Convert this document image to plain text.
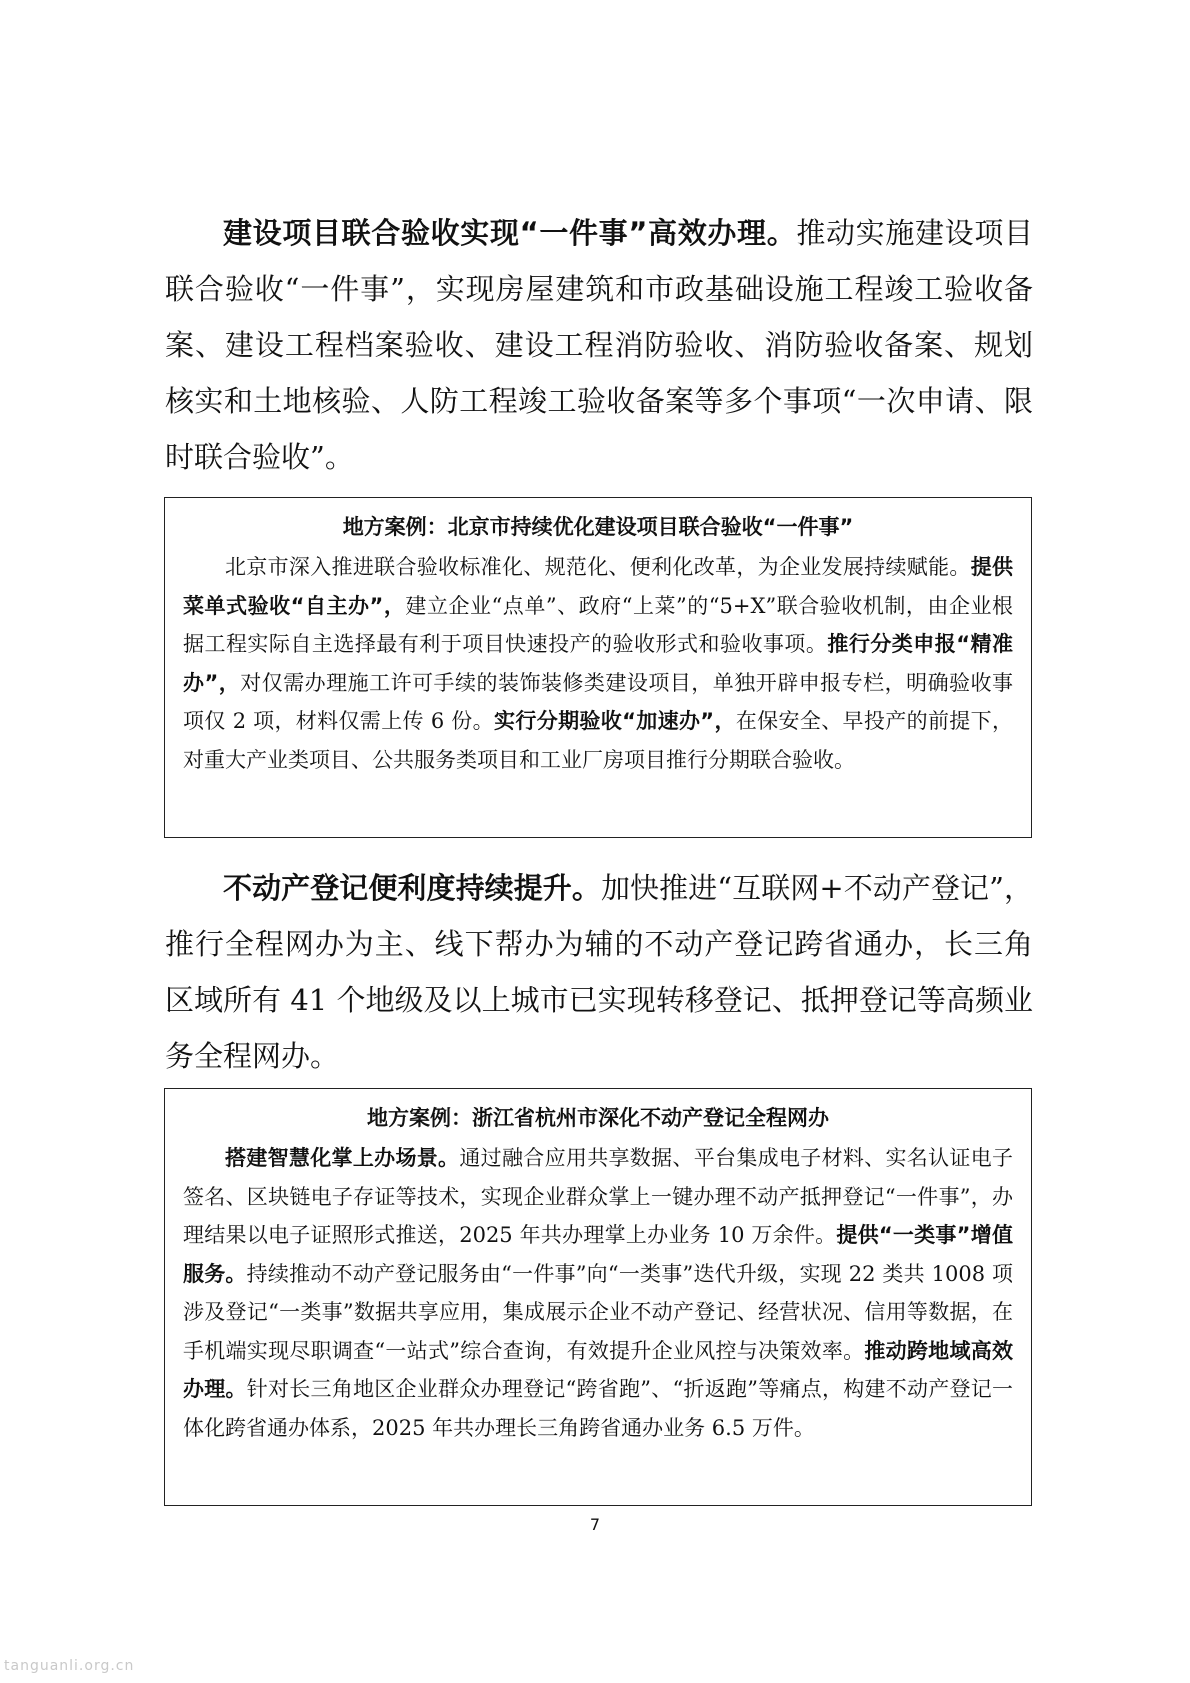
建设项目联合验收实现“一件事”高效办理。推动实施建设项目联合验收“一件事”，实现房屋建筑和市政基础设施工程竣工验收备案、建设工程档案验收、建设工程消防验收、消防验收备案、规划核实和土地核验、人防工程竣工验收备案等多个事项“一次申请、限时联合验收”。

地方案例：北京市持续优化建设项目联合验收“一件事”

北京市深入推进联合验收标准化、规范化、便利化改革，为企业发展持续赋能。提供菜单式验收“自主办”，建立企业“点单”、政府“上菜”的“5+X”联合验收机制，由企业根据工程实际自主选择最有利于项目快速投产的验收形式和验收事项。推行分类申报“精准办”，对仅需办理施工许可手续的装饰装修类建设项目，单独开辟申报专栏，明确验收事项仅 2 项，材料仅需上传 6 份。实行分期验收“加速办”，在保安全、早投产的前提下，对重大产业类项目、公共服务类项目和工业厂房项目推行分期联合验收。

不动产登记便利度持续提升。加快推进“互联网+不动产登记”，推行全程网办为主、线下帮办为辅的不动产登记跨省通办，长三角区域所有 41 个地级及以上城市已实现转移登记、抵押登记等高频业务全程网办。

地方案例：浙江省杭州市深化不动产登记全程网办

搭建智慧化掌上办场景。通过融合应用共享数据、平台集成电子材料、实名认证电子签名、区块链电子存证等技术，实现企业群众掌上一键办理不动产抵押登记“一件事”，办理结果以电子证照形式推送，2025 年共办理掌上办业务 10 万余件。提供“一类事”增值服务。持续推动不动产登记服务由“一件事”向“一类事”迭代升级，实现 22 类共 1008 项涉及登记“一类事”数据共享应用，集成展示企业不动产登记、经营状况、信用等数据，在手机端实现尽职调查“一站式”综合查询，有效提升企业风控与决策效率。推动跨地域高效办理。针对长三角地区企业群众办理登记“跨省跑”、“折返跑”等痛点，构建不动产登记一体化跨省通办体系，2025 年共办理长三角跨省通办业务 6.5 万件。

7
tanguanli.org.cn
